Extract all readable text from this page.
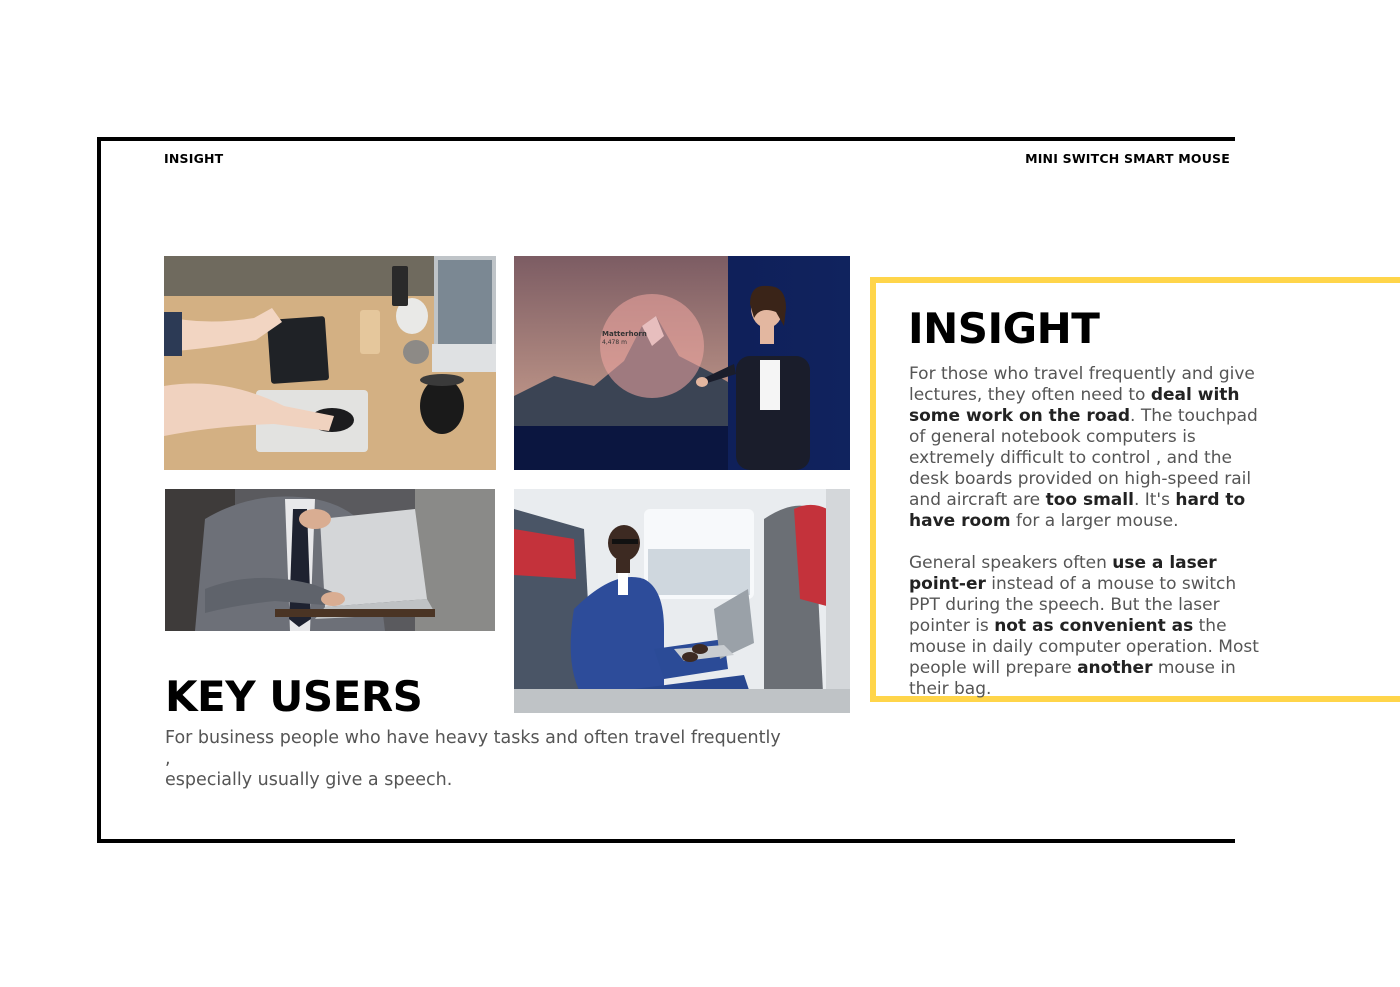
INSIGHT	MINI SWITCH SMART MOUSE
Matterhorn
4,478 m
KEY USERS

For business people who have heavy tasks and often travel frequently ,
especially usually give a speech.

INSIGHT

For those who travel frequently and give lectures, they often need to deal with some work on the road. The touchpad of general notebook computers is extremely difficult to control , and the desk boards provided on high-speed rail and aircraft are too small. It's hard to have room for a larger mouse.

General speakers often use a laser point-er instead of a mouse to switch PPT during the speech. But the laser pointer is not as convenient as the mouse in daily computer operation. Most people will prepare another mouse in their bag.
